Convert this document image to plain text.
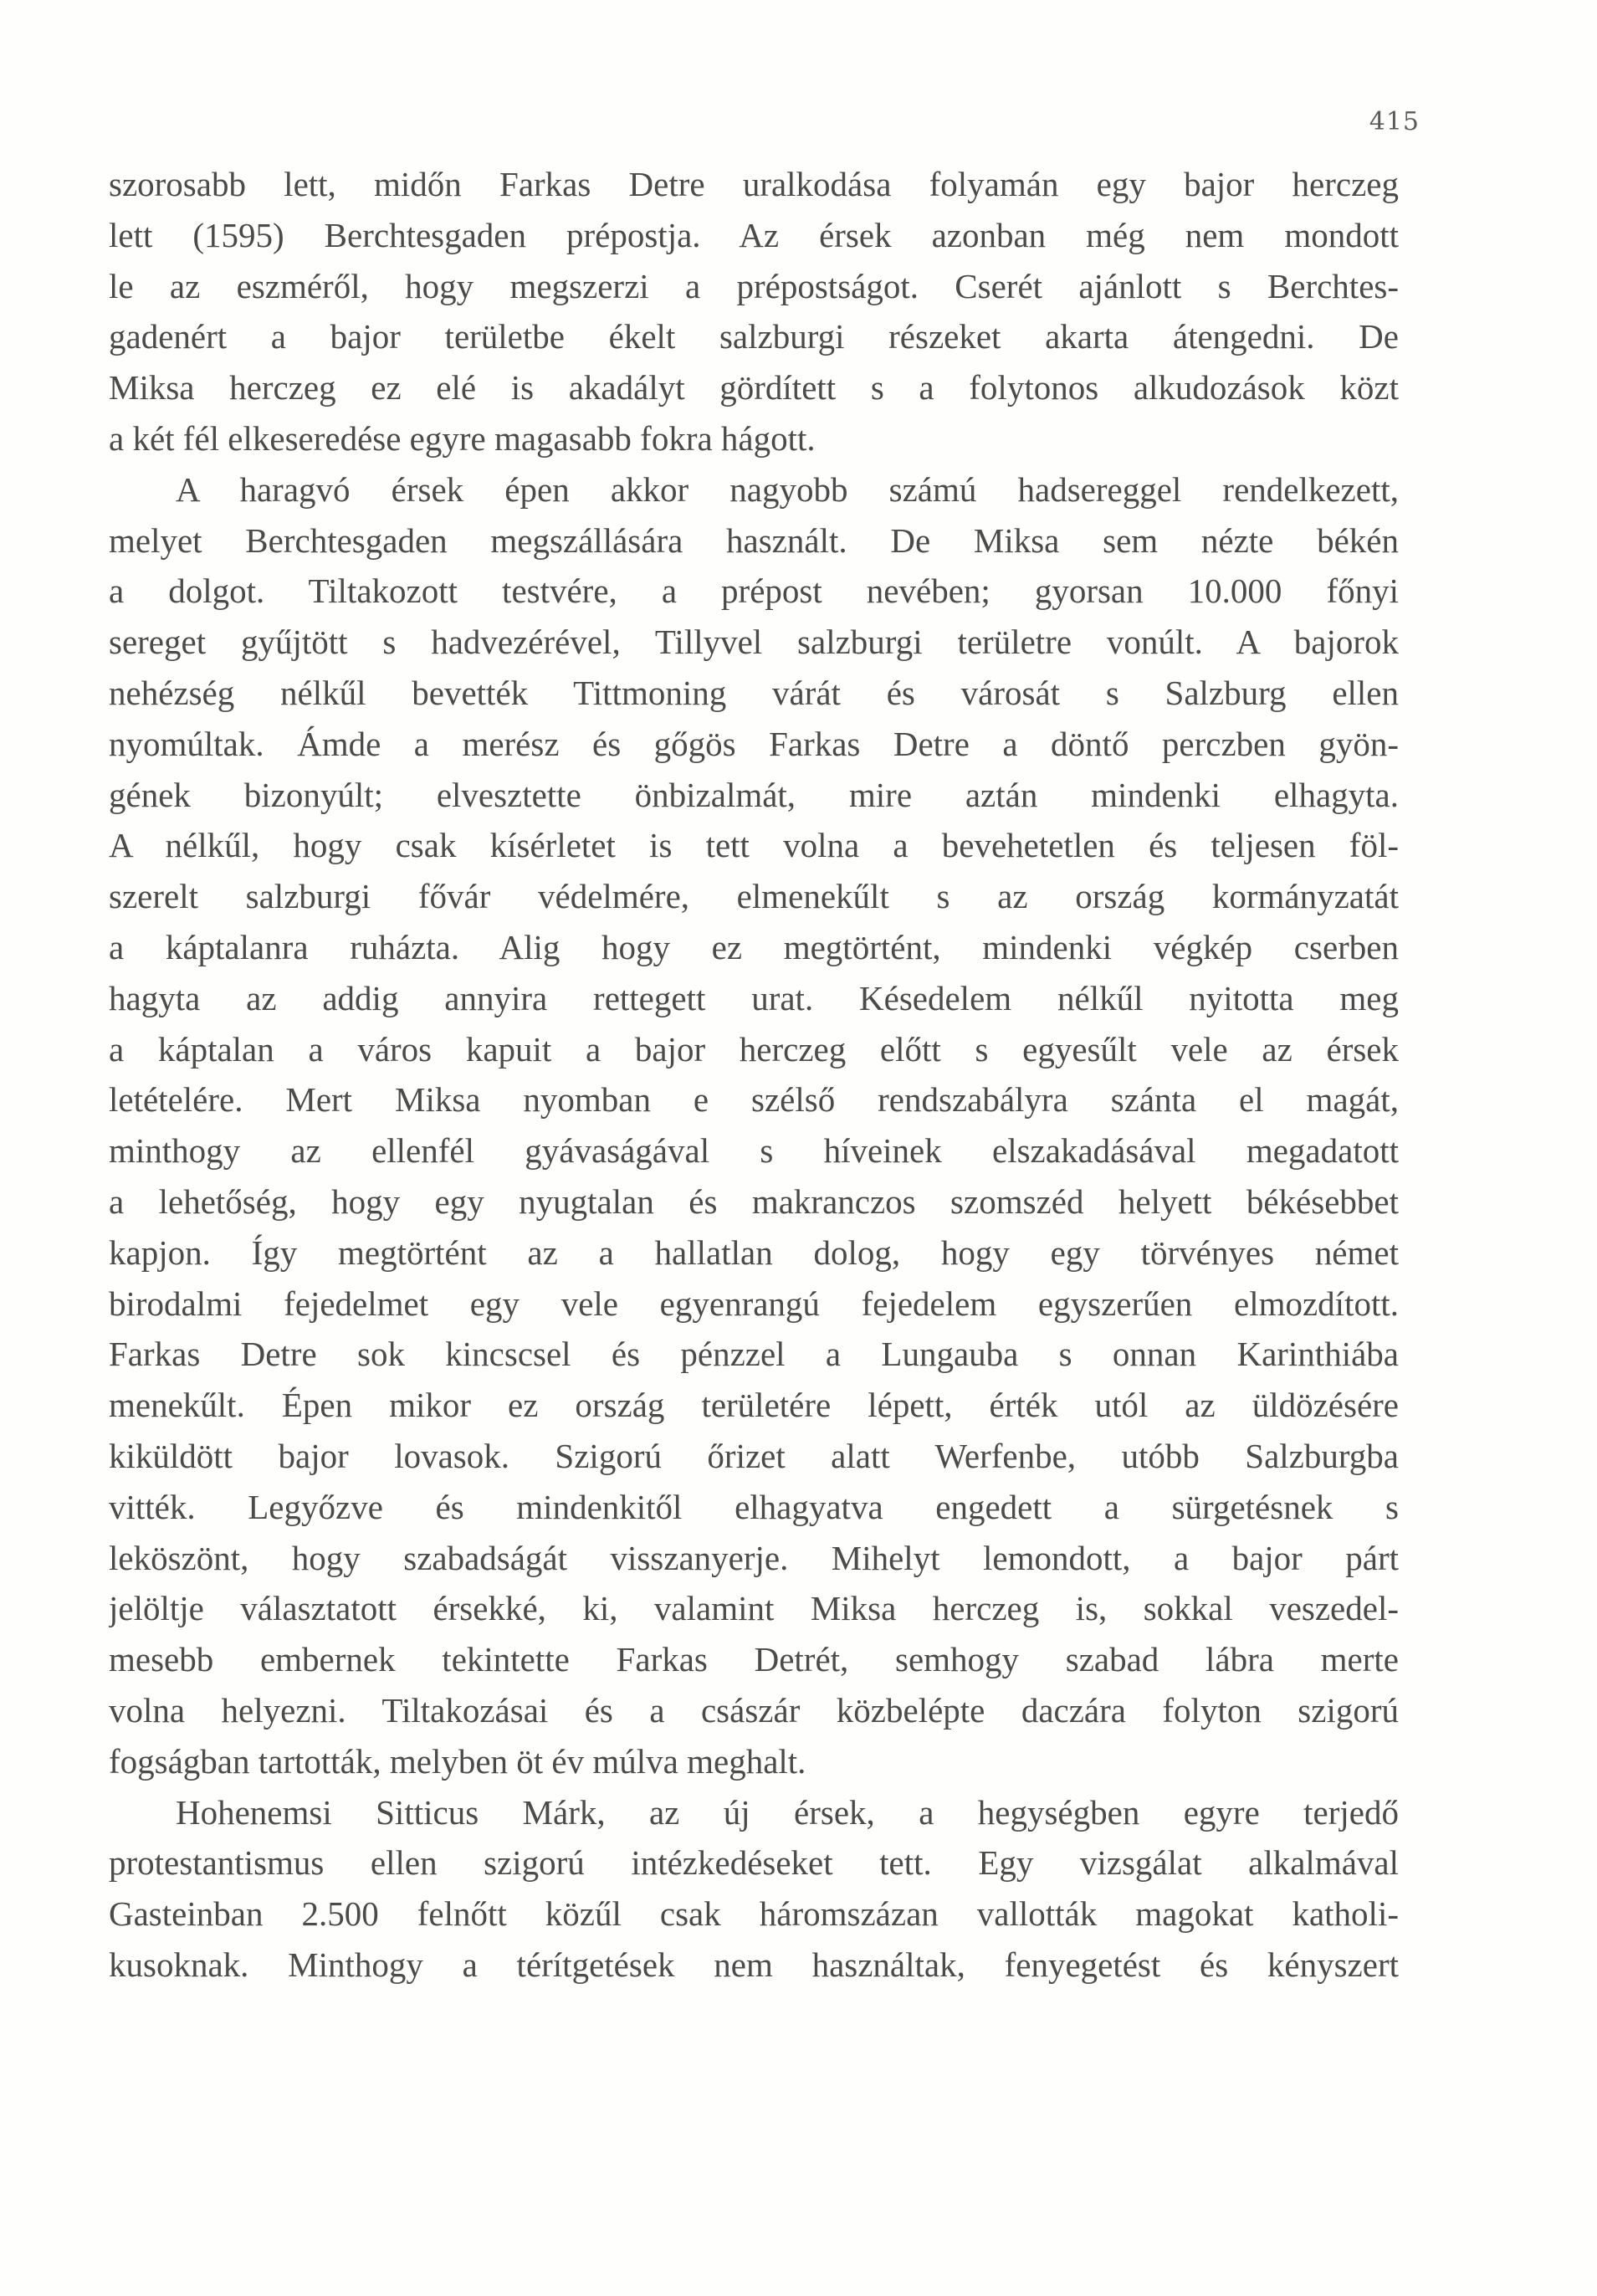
415
szorosabb lett, midőn Farkas Detre uralkodása folyamán egy bajor herczeg
lett (1595) Berchtesgaden prépostja. Az érsek azonban még nem mondott
le az eszméről, hogy megszerzi a prépostságot. Cserét ajánlott s Berchtes-
gadenért a bajor területbe ékelt salzburgi részeket akarta átengedni. De
Miksa herczeg ez elé is akadályt gördített s a folytonos alkudozások közt
a két fél elkeseredése egyre magasabb fokra hágott.
A haragvó érsek épen akkor nagyobb számú hadsereggel rendelkezett,
melyet Berchtesgaden megszállására használt. De Miksa sem nézte békén
a dolgot. Tiltakozott testvére, a prépost nevében; gyorsan 10.000 főnyi
sereget gyűjtött s hadvezérével, Tillyvel salzburgi területre vonúlt. A bajorok
nehézség nélkűl bevették Tittmoning várát és városát s Salzburg ellen
nyomúltak. Ámde a merész és gőgös Farkas Detre a döntő perczben gyön-
gének bizonyúlt; elvesztette önbizalmát, mire aztán mindenki elhagyta.
A nélkűl, hogy csak kísérletet is tett volna a bevehetetlen és teljesen föl-
szerelt salzburgi fővár védelmére, elmenekűlt s az ország kormányzatát
a káptalanra ruházta. Alig hogy ez megtörtént, mindenki végkép cserben
hagyta az addig annyira rettegett urat. Késedelem nélkűl nyitotta meg
a káptalan a város kapuit a bajor herczeg előtt s egyesűlt vele az érsek
letételére. Mert Miksa nyomban e szélső rendszabályra szánta el magát,
minthogy az ellenfél gyávaságával s híveinek elszakadásával megadatott
a lehetőség, hogy egy nyugtalan és makranczos szomszéd helyett békésebbet
kapjon. Így megtörtént az a hallatlan dolog, hogy egy törvényes német
birodalmi fejedelmet egy vele egyenrangú fejedelem egyszerűen elmozdított.
Farkas Detre sok kincscsel és pénzzel a Lungauba s onnan Karinthiába
menekűlt. Épen mikor ez ország területére lépett, érték utól az üldözésére
kiküldött bajor lovasok. Szigorú őrizet alatt Werfenbe, utóbb Salzburgba
vitték. Legyőzve és mindenkitől elhagyatva engedett a sürgetésnek s
leköszönt, hogy szabadságát visszanyerje. Mihelyt lemondott, a bajor párt
jelöltje választatott érsekké, ki, valamint Miksa herczeg is, sokkal veszedel-
mesebb embernek tekintette Farkas Detrét, semhogy szabad lábra merte
volna helyezni. Tiltakozásai és a császár közbelépte daczára folyton szigorú
fogságban tartották, melyben öt év múlva meghalt.
Hohenemsi Sitticus Márk, az új érsek, a hegységben egyre terjedő
protestantismus ellen szigorú intézkedéseket tett. Egy vizsgálat alkalmával
Gasteinban 2.500 felnőtt közűl csak háromszázan vallották magokat katholi-
kusoknak. Minthogy a térítgetések nem használtak, fenyegetést és kényszert
